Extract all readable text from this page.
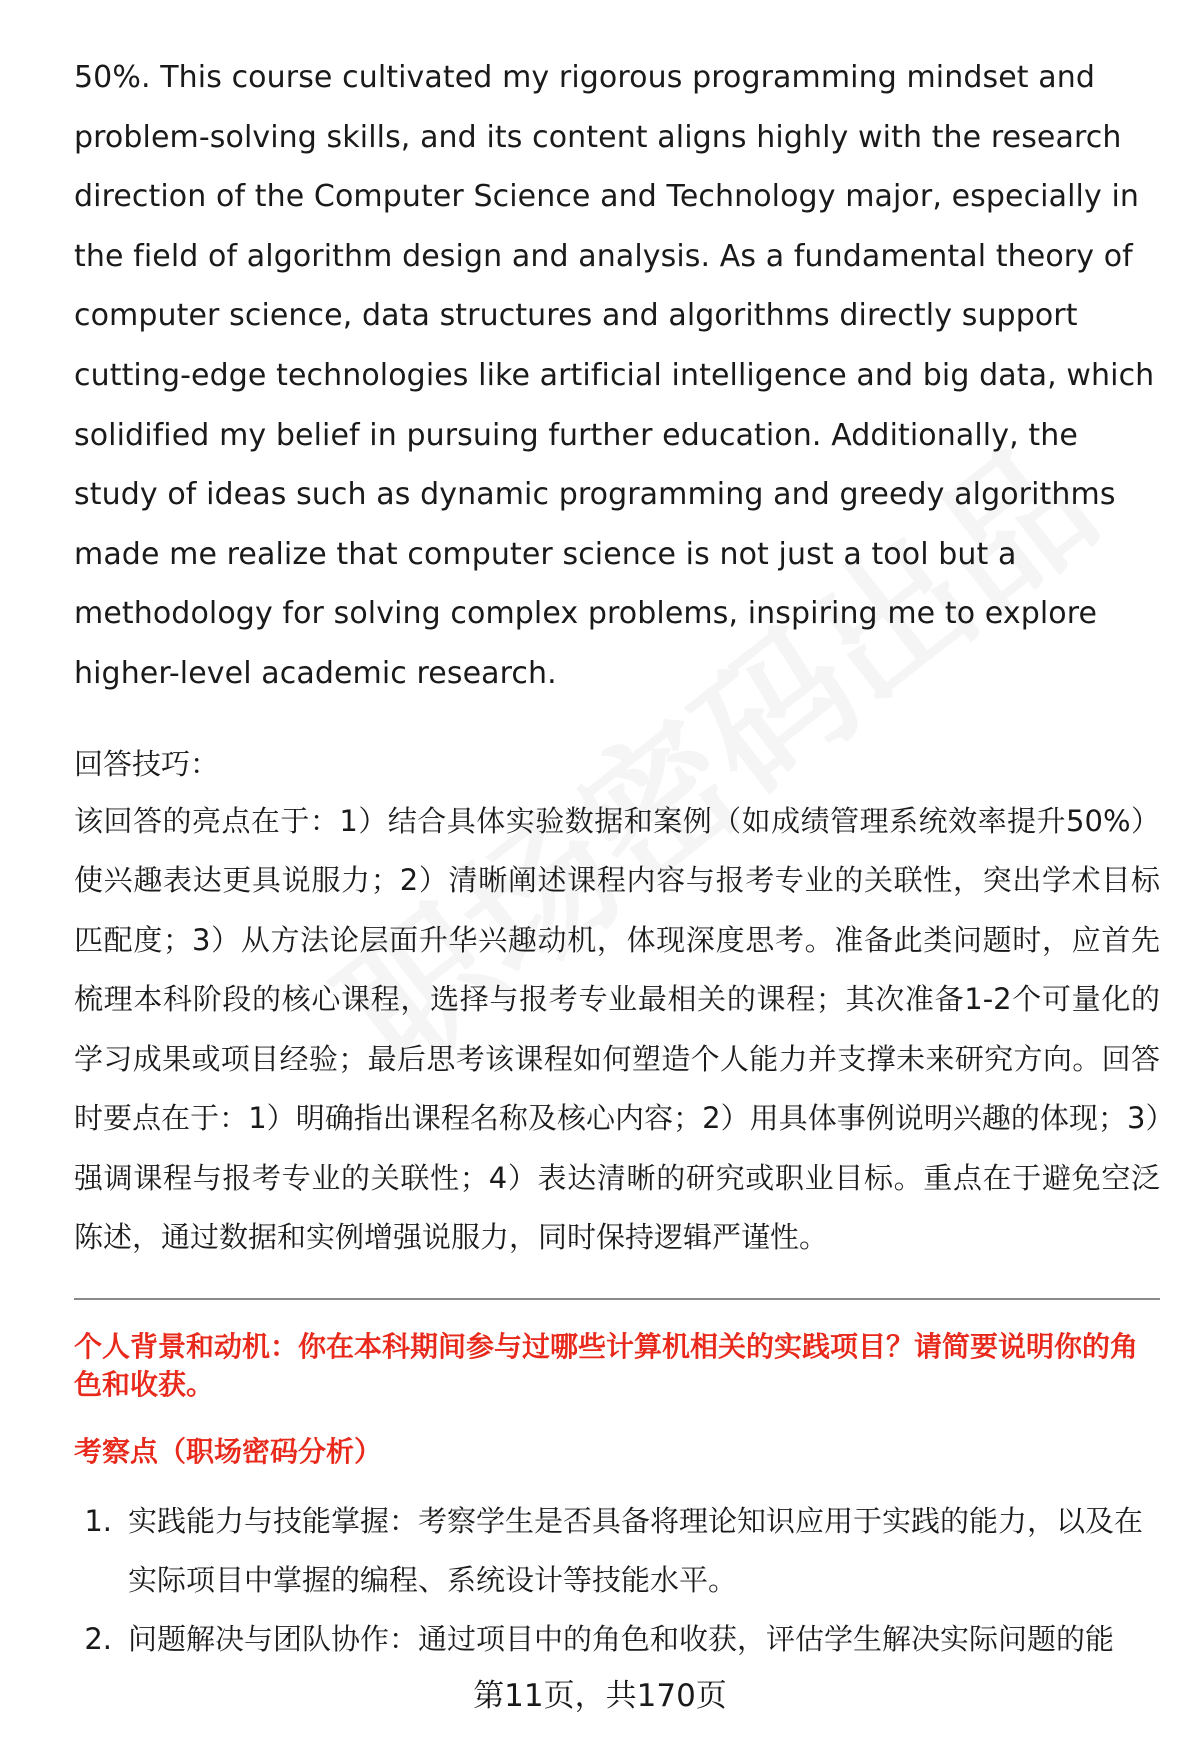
50%. This course cultivated my rigorous programming mindset and problem-solving skills, and its content aligns highly with the research direction of the Computer Science and Technology major, especially in the field of algorithm design and analysis. As a fundamental theory of computer science, data structures and algorithms directly support cutting-edge technologies like artificial intelligence and big data, which solidified my belief in pursuing further education. Additionally, the study of ideas such as dynamic programming and greedy algorithms made me realize that computer science is not just a tool but a methodology for solving complex problems, inspiring me to explore higher-level academic research.

回答技巧：

该回答的亮点在于：1）结合具体实验数据和案例（如成绩管理系统效率提升50%）使兴趣表达更具说服力；2）清晰阐述课程内容与报考专业的关联性，突出学术目标匹配度；3）从方法论层面升华兴趣动机，体现深度思考。准备此类问题时，应首先梳理本科阶段的核心课程，选择与报考专业最相关的课程；其次准备1-2个可量化的学习成果或项目经验；最后思考该课程如何塑造个人能力并支撑未来研究方向。回答时要点在于：1）明确指出课程名称及核心内容；2）用具体事例说明兴趣的体现；3）强调课程与报考专业的关联性；4）表达清晰的研究或职业目标。重点在于避免空泛陈述，通过数据和实例增强说服力，同时保持逻辑严谨性。

个人背景和动机：你在本科期间参与过哪些计算机相关的实践项目？请简要说明你的角色和收获。

考察点（职场密码分析）
1. 实践能力与技能掌握：考察学生是否具备将理论知识应用于实践的能力，以及在实际项目中掌握的编程、系统设计等技能水平。
2. 问题解决与团队协作：通过项目中的角色和收获，评估学生解决实际问题的能
第11页，共170页
